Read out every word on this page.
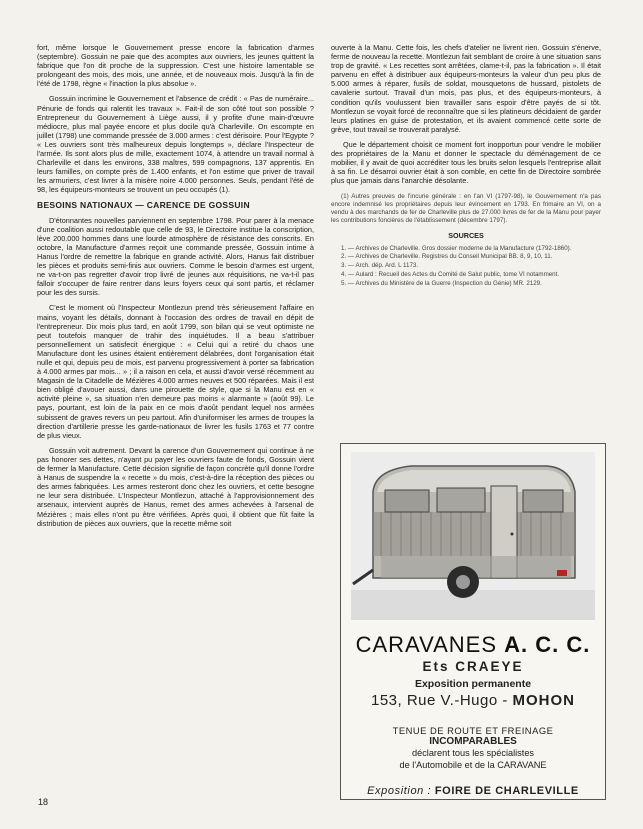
fort, même lorsque le Gouvernement presse encore la fabrication d'armes (septembre). Gossuin ne paie que des acomptes aux ouvriers, les jeunes quittent la fabrique que l'on dit proche de la suppression. C'est une histoire lamentable se prolongeant des mois, des mois, une année, et de nouveaux mois. Jusqu'à la fin de l'été de 1798, règne « l'inaction la plus absolue ».

Gossuin incrimine le Gouvernement et l'absence de crédit : « Pas de numéraire... Pénurie de fonds qui ralentit les travaux ». Fait-il de son côté tout son possible ? Entrepreneur du Gouvernement à Liège aussi, il y profite d'une main-d'œuvre médiocre, plus mal payée encore et plus docile qu'à Charleville. On escompte en juillet (1798) une commande pressée de 3.000 armes : c'est dérisoire. Pour l'Egypte ? « Les ouvriers sont très malheureux depuis longtemps », déclare l'Inspecteur de l'armée. Ils sont alors plus de mille, exactement 1074, à attendre un travail normal à Charleville et dans les environs, 338 maîtres, 599 compagnons, 137 apprentis. En leurs familles, on compte près de 1.400 enfants, et l'on estime que priver de travail les armuriers, c'est livrer à la misère noire 4.000 personnes. Seuls, pendant l'été de 98, les équipeurs-monteurs se trouvent un peu occupés (1).

BESOINS NATIONAUX — CARENCE DE GOSSUIN

D'étonnantes nouvelles parviennent en septembre 1798. Pour parer à la menace d'une coalition aussi redoutable que celle de 93, le Directoire institue la conscription, lève 200.000 hommes dans une lourde atmosphère de résistance des conscrits. En octobre, la Manufacture d'armes reçoit une commande pressée, Gossuin intime à Hanus l'ordre de remettre la fabrique en grande activité. Alors, Hanus fait distribuer les pièces et produits semi-finis aux ouvriers. Comme le besoin d'armes est urgent, ne va-t-on pas regretter d'avoir trop livré de jeunes aux réquisitions, ne va-t-il pas falloir s'occuper de faire rentrer dans leurs foyers ceux qui sont partis, et réclamer pour les des sursis.

C'est le moment où l'Inspecteur Montlezun prend très sérieusement l'affaire en mains, voyant les détails, donnant à l'occasion des ordres de travail en dépit de l'entrepreneur. Dix mois plus tard, en août 1799, son bilan qui se veut optimiste ne peut toutefois manquer de trahir des inquiétudes. Il a beau s'attribuer personnellement un satisfecit énergique : « Celui qui a retiré du chaos une Manufacture dont les usines étaient entièrement délabrées, dont l'organisation était nulle et qui, depuis peu de mois, est parvenu progressivement à porter sa fabrication à 4.000 armes par mois... » ; il a raison en cela, et aussi d'avoir versé récemment au Magasin de la Citadelle de Mézières 4.000 armes neuves et 500 réparées. Mais il est bien obligé d'avouer aussi, dans une pirouette de style, que si la Manu est en « activité pleine », sa situation n'en demeure pas moins « alarmante » (août 99). Le pays, pourtant, est loin de la paix en ce mois d'août pendant lequel nos armées subissent de graves revers un peu partout. Afin d'uniformiser les armes de troupes la direction d'artillerie presse les garde-nationaux de livrer les fusils 1763 et 77 contre de plus vieux.

Gossuin voit autrement. Devant la carence d'un Gouvernement qui continue à ne pas honorer ses dettes, n'ayant pu payer les ouvriers faute de fonds, Gossuin vient de fermer la Manufacture. Cette décision signifie de façon concrète qu'il donne l'ordre à Hanus de suspendre la « recette » du mois, c'est-à-dire la réception des pièces ou des armes fabriquées. Les armes resteront donc chez les ouvriers, et cette besogne ne leur sera distribuée. L'Inspecteur Montlezun, attaché à l'approvisionnement des arsenaux, intervient auprès de Hanus, remet des armes achevées à l'arsenal de Mézières ; mais elles n'ont pu être vérifiées. Après quoi, il obtient que fût faite la distribution de pièces aux ouvriers, que la recette même soit

ouverte à la Manu. Cette fois, les chefs d'atelier ne livrent rien. Gossuin s'énerve, ferme de nouveau la recette. Montlezun fait semblant de croire à une situation sans trop de gravité. « Les recettes sont arrêtées, clame-t-il, pas la fabrication ». Il était parvenu en effet à distribuer aux équipeurs-monteurs la valeur d'un peu plus de 5.000 armes à réparer, fusils de soldat, mousquetons de hussard, pistolets de cavalerie surtout. Travail d'un mois, pas plus, et des équipeurs-monteurs, à condition qu'ils voulussent bien travailler sans espoir d'être payés de si tôt. Montlezun se voyait forcé de reconnaître que si les platineurs décidaient de garder leurs platines en guise de protestation, et ils avaient commencé cette sorte de grève, tout travail se trouverait paralysé.

Que le département choisit ce moment fort inopportun pour vendre le mobilier des propriétaires de la Manu et donner le spectacle du déménagement de ce mobilier, il y avait de quoi accréditer tous les bruits selon lesquels l'entreprise allait à sa fin. Le désarroi ouvrier était à son comble, en cette fin de Directoire sombrée plus que jamais dans l'anarchie désolante.

(1) Autres preuves de l'incurie générale : en l'an VI (1797-98), le Gouvernement n'a pas encore indemnisé les propriétaires depuis leur évincement en 1793. En frimaire an VI, on a vendu à des marchands de fer de Charleville plus de 27.000 livres de fer de la Manu pour payer les contributions foncières de l'établissement (décembre 1797).

SOURCES

1. — Archives de Charleville. Gros dossier moderne de la Manufacture (1792-1860).

2. — Archives de Charleville. Registres du Conseil Municipal BB. 8, 9, 10, 11.

3. — Arch. dép. Ard. L 1173.

4. — Aulard : Recueil des Actes du Comité de Salut public, tome VI notamment.

5. — Archives du Ministère de la Guerre (Inspection du Génie) MR. 2129.

CARAVANES A. C. C.
Ets CRAEYE
Exposition permanente
153, Rue V.-Hugo - MOHON
TENUE DE ROUTE ET FREINAGE
INCOMPARABLES
déclarent tous les spécialistes
de l'Automobile et de la CARAVANE
Exposition : FOIRE DE CHARLEVILLE
18
